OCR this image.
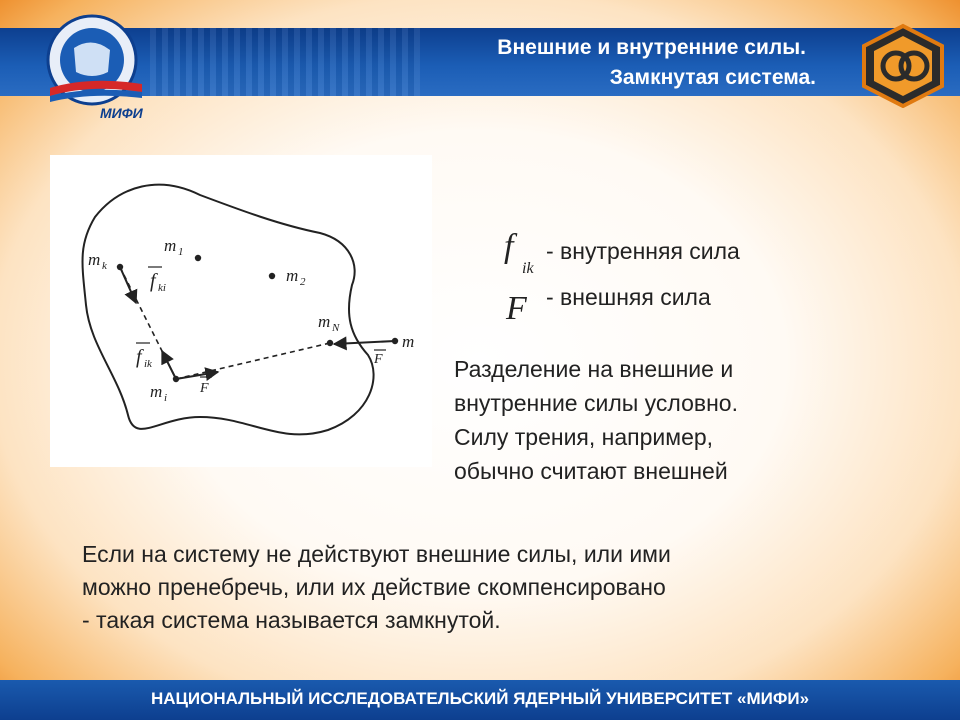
МИФИ
Внешние и внутренние силы.
Замкнутая система.
m k
m 1
m 2
m N
m i
m
f ki
f ik
F
F
f
ik
- внутренняя сила
F - внешняя сила
Разделение на внешние и
внутренние силы условно.
Силу трения, например,
обычно считают внешней
Если на систему не действуют внешние силы, или ими
можно пренебречь, или их действие скомпенсировано
- такая система называется замкнутой.
НАЦИОНАЛЬНЫЙ ИССЛЕДОВАТЕЛЬСКИЙ ЯДЕРНЫЙ УНИВЕРСИТЕТ «МИФИ»
